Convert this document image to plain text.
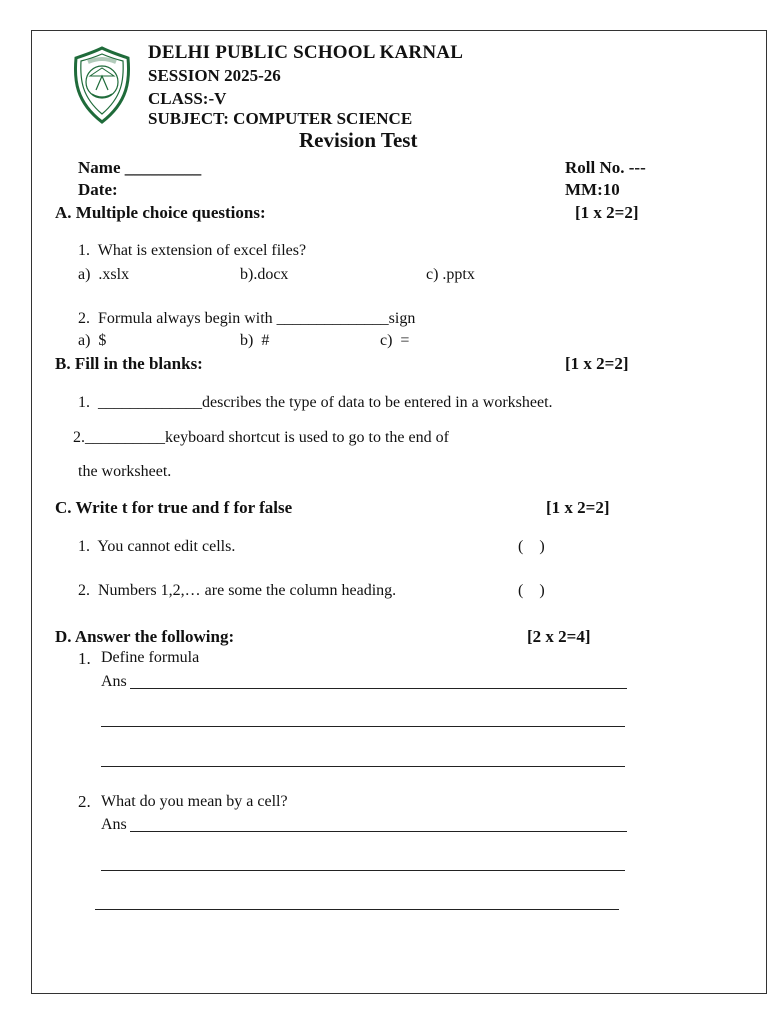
DELHI PUBLIC SCHOOL KARNAL
SESSION 2025-26
CLASS:-V
SUBJECT: COMPUTER SCIENCE
Revision Test
Name _________
Date:
Roll No. ---
MM:10
A. Multiple choice questions:	[1 x 2=2]
1.  What is extension of excel files?
a)  .xslx	b).docx	c) .pptx
2.  Formula always begin with ______________sign
a)  $	b)  #	c)  =
B. Fill in the blanks:	[1 x 2=2]
1.  _____________describes the type of data to be entered in a worksheet.
2.__________keyboard shortcut is used to go to the end of
the worksheet.
C. Write t for true and f for false	[1 x 2=2]
1.  You cannot edit cells.	(    )
2.  Numbers 1,2,… are some the column heading.	(    )
D. Answer the following:	[2 x 2=4]
1. Define formula
Ans
2. What do you mean by a cell?
Ans
